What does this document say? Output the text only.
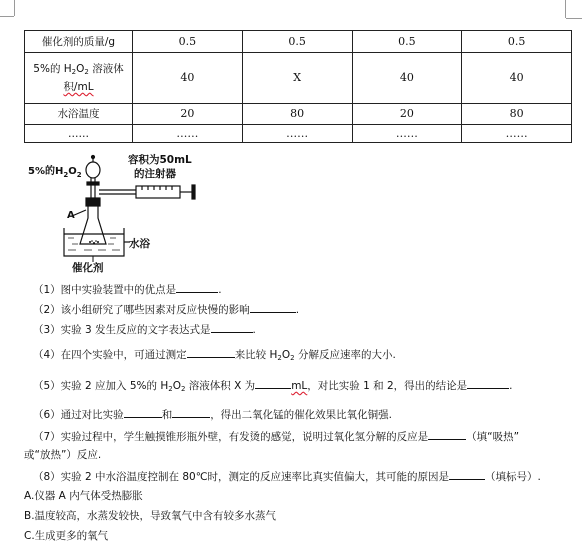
催化剂的质量/g	0.5	0.5	0.5	0.5

5%的 $H_2O_2$ 溶液体
积/mL	40	X	40	40
水浴温度	20	80	20	80
……	……	……	……	……
5%的$H_2O_2$
容积为50mL
的注射器
A
水浴
催化剂
（1）图中实验装置中的优点是	.
（2）该小组研究了哪些因素对反应快慢的影响	.
（3）实验 3 发生反应的文字表达式是	.
（4）在四个实验中，可通过测定	来比较 $H_2O_2$ 分解反应速率的大小.
（5）实验 2 应加入 5%的 $H_2O_2$ 溶液体积 X 为	mL，对比实验 1 和 2，得出的结论是	.
（6）通过对比实验	和	，得出二氧化锰的催化效果比氧化铜强.
（7）实验过程中，学生触摸锥形瓶外壁，有发烫的感觉，说明过氧化氢分解的反应是	（填“吸热”
或“放热”）反应.
（8）实验 2 中水浴温度控制在 80℃时，测定的反应速率比真实值偏大，其可能的原因是	（填标号）.
A.仪器 A 内气体受热膨胀
B.温度较高，水蒸发较快，导致氧气中含有较多水蒸气
C.生成更多的氧气
